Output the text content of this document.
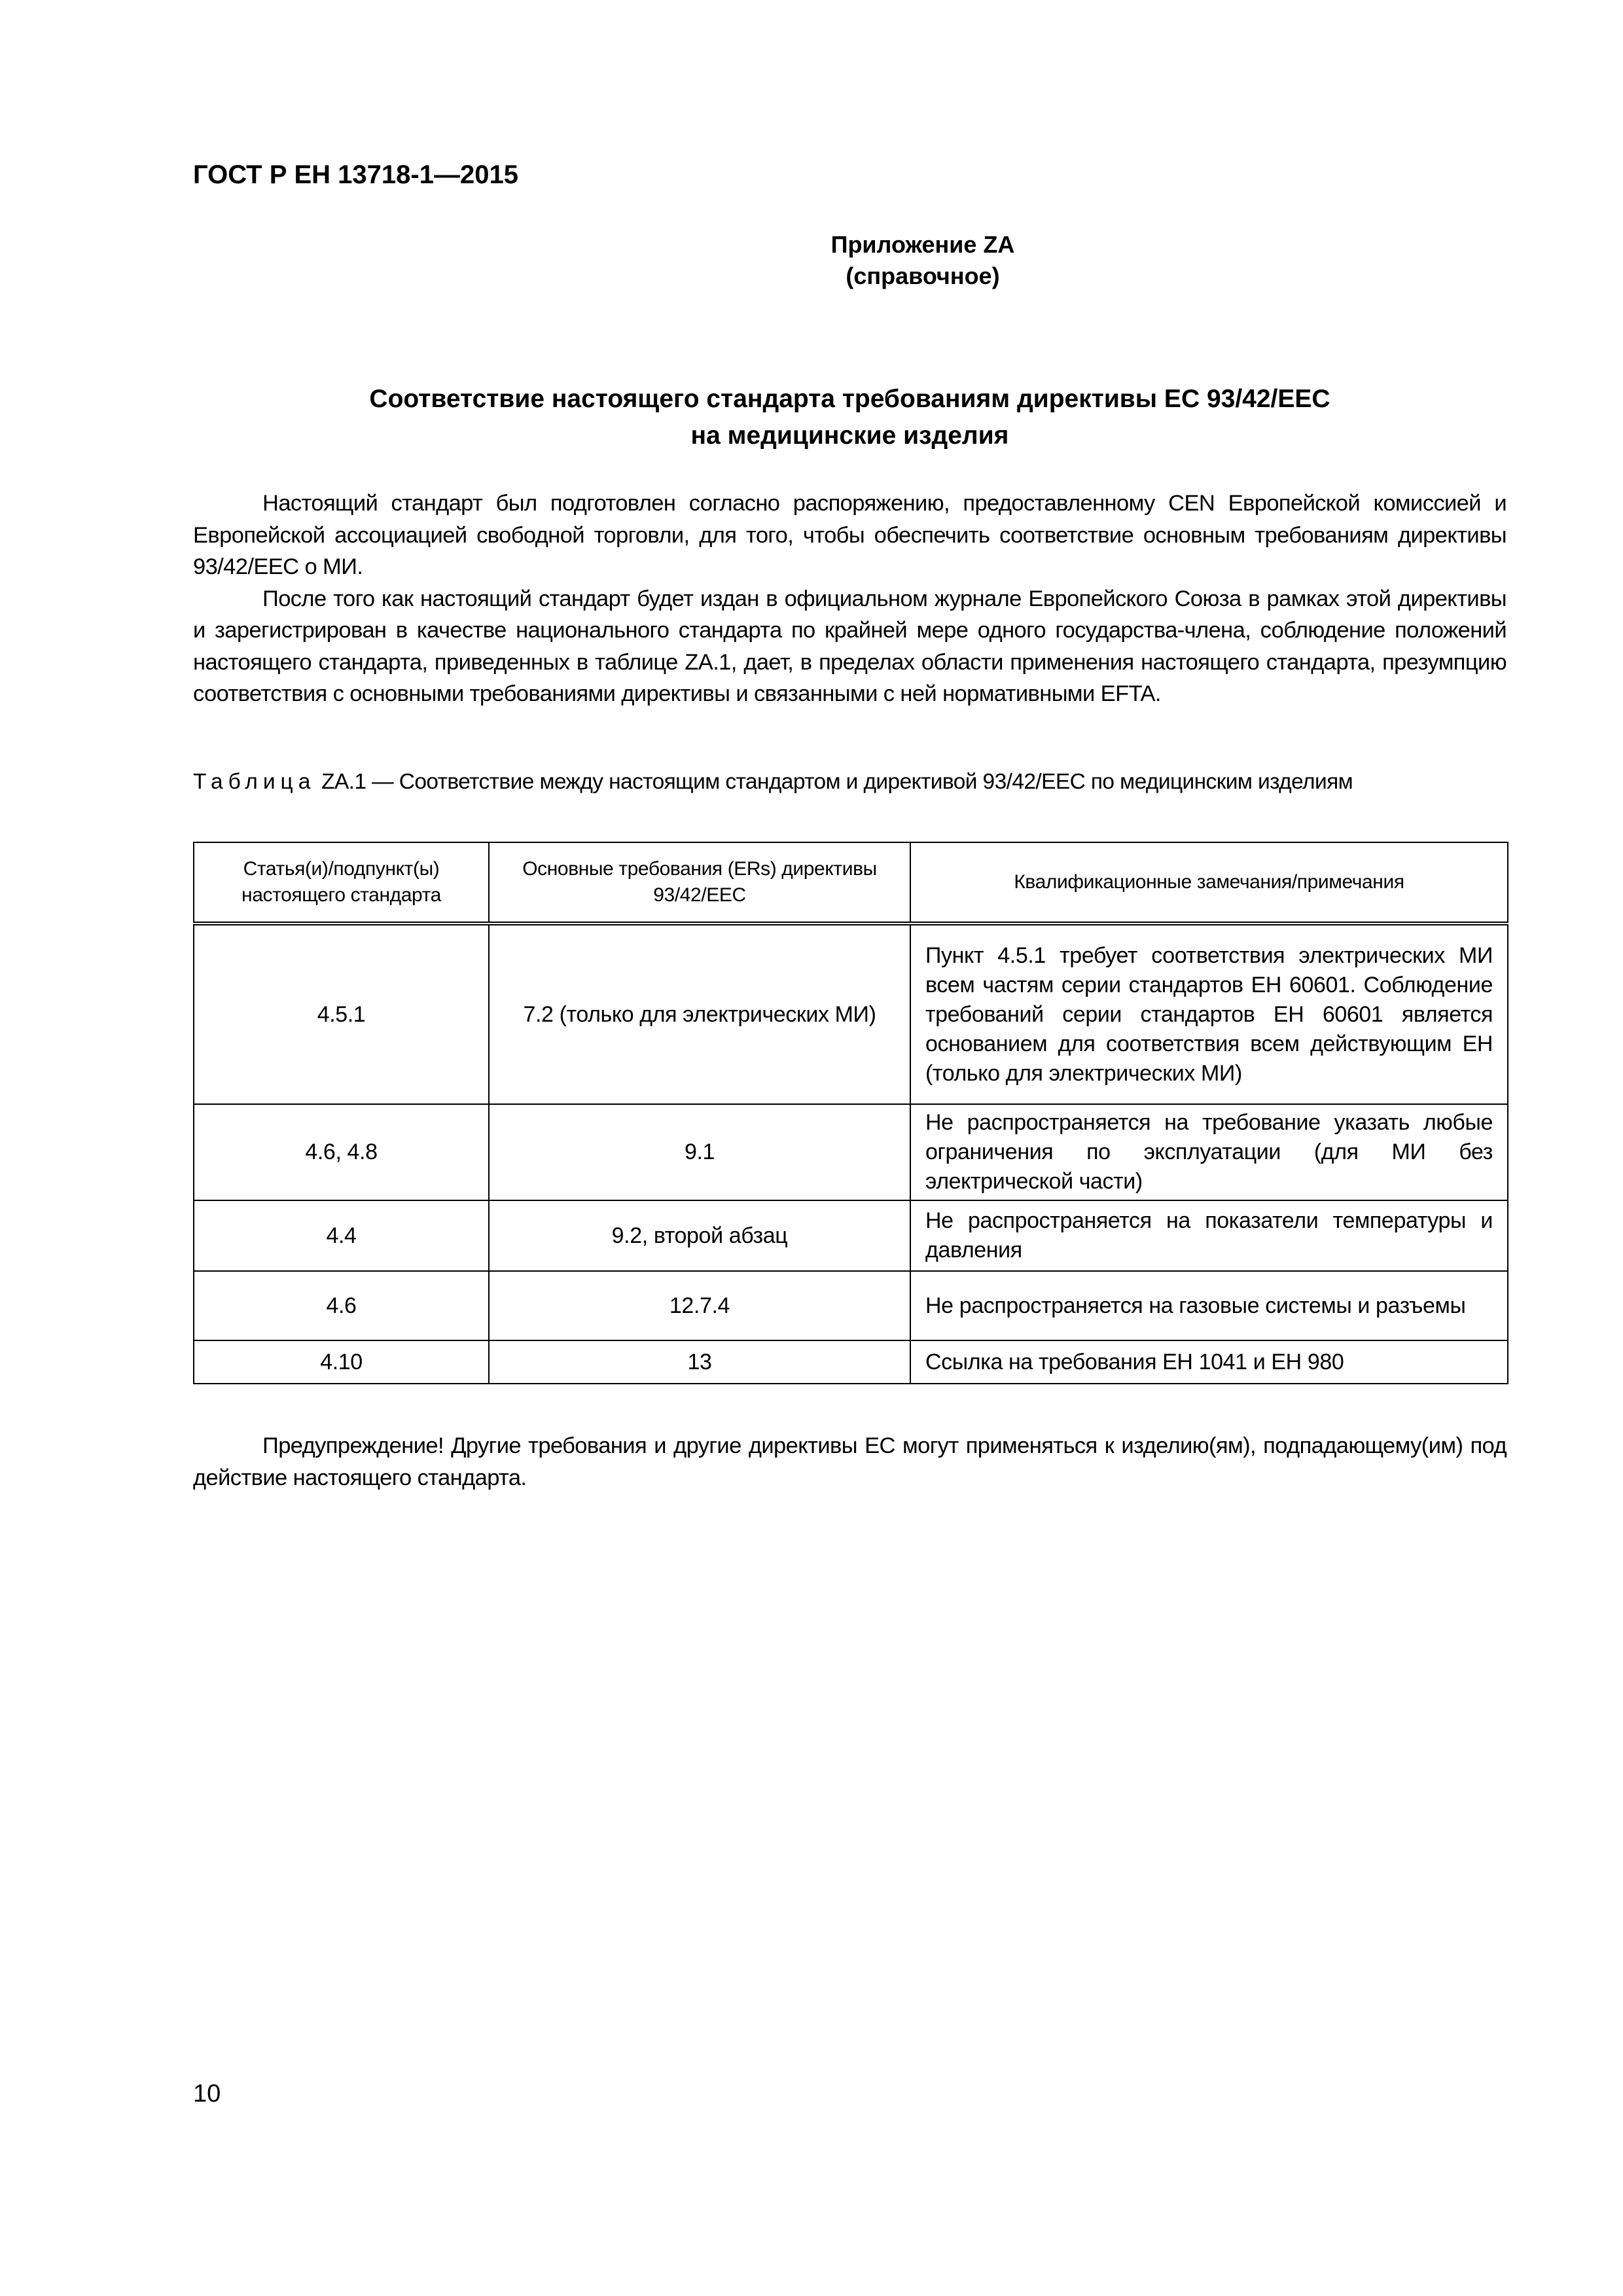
ГОСТ Р ЕН 13718-1—2015
Приложение ZA
(справочное)
Соответствие настоящего стандарта требованиям директивы ЕС 93/42/EEC
на медицинские изделия

Настоящий стандарт был подготовлен согласно распоряжению, предоставленному CEN Европейской комиссией и Европейской ассоциацией свободной торговли, для того, чтобы обеспечить соответствие основным требованиям директивы 93/42/EEC о МИ.

После того как настоящий стандарт будет издан в официальном журнале Европейского Союза в рамках этой директивы и зарегистрирован в качестве национального стандарта по крайней мере одного государства-члена, соблюдение положений настоящего стандарта, приведенных в таблице ZA.1, дает, в пределах области применения настоящего стандарта, презумпцию соответствия с основными требованиями директивы и связанными с ней нормативными EFTA.

Таблица ZA.1 — Соответствие между настоящим стандартом и директивой 93/42/EEC по медицинским изделиям
Статья(и)/подпункт(ы) настоящего стандарта	Основные требования (ERs) директивы 93/42/EEC	Квалификационные замечания/примечания
4.5.1	7.2 (только для электрических МИ)	Пункт 4.5.1 требует соответствия электрических МИ всем частям серии стандартов ЕН 60601. Соблюдение требований серии стандартов ЕН 60601 является основанием для соответствия всем действующим ЕН (только для электрических МИ)
4.6, 4.8	9.1	Не распространяется на требование указать любые ограничения по эксплуатации (для МИ без электрической части)
4.4	9.2, второй абзац	Не распространяется на показатели температуры и давления
4.6	12.7.4	Не распространяется на газовые системы и разъемы
4.10	13	Ссылка на требования ЕН 1041 и ЕН 980

Предупреждение! Другие требования и другие директивы ЕС могут применяться к изделию(ям), подпадающему(им) под действие настоящего стандарта.

10
